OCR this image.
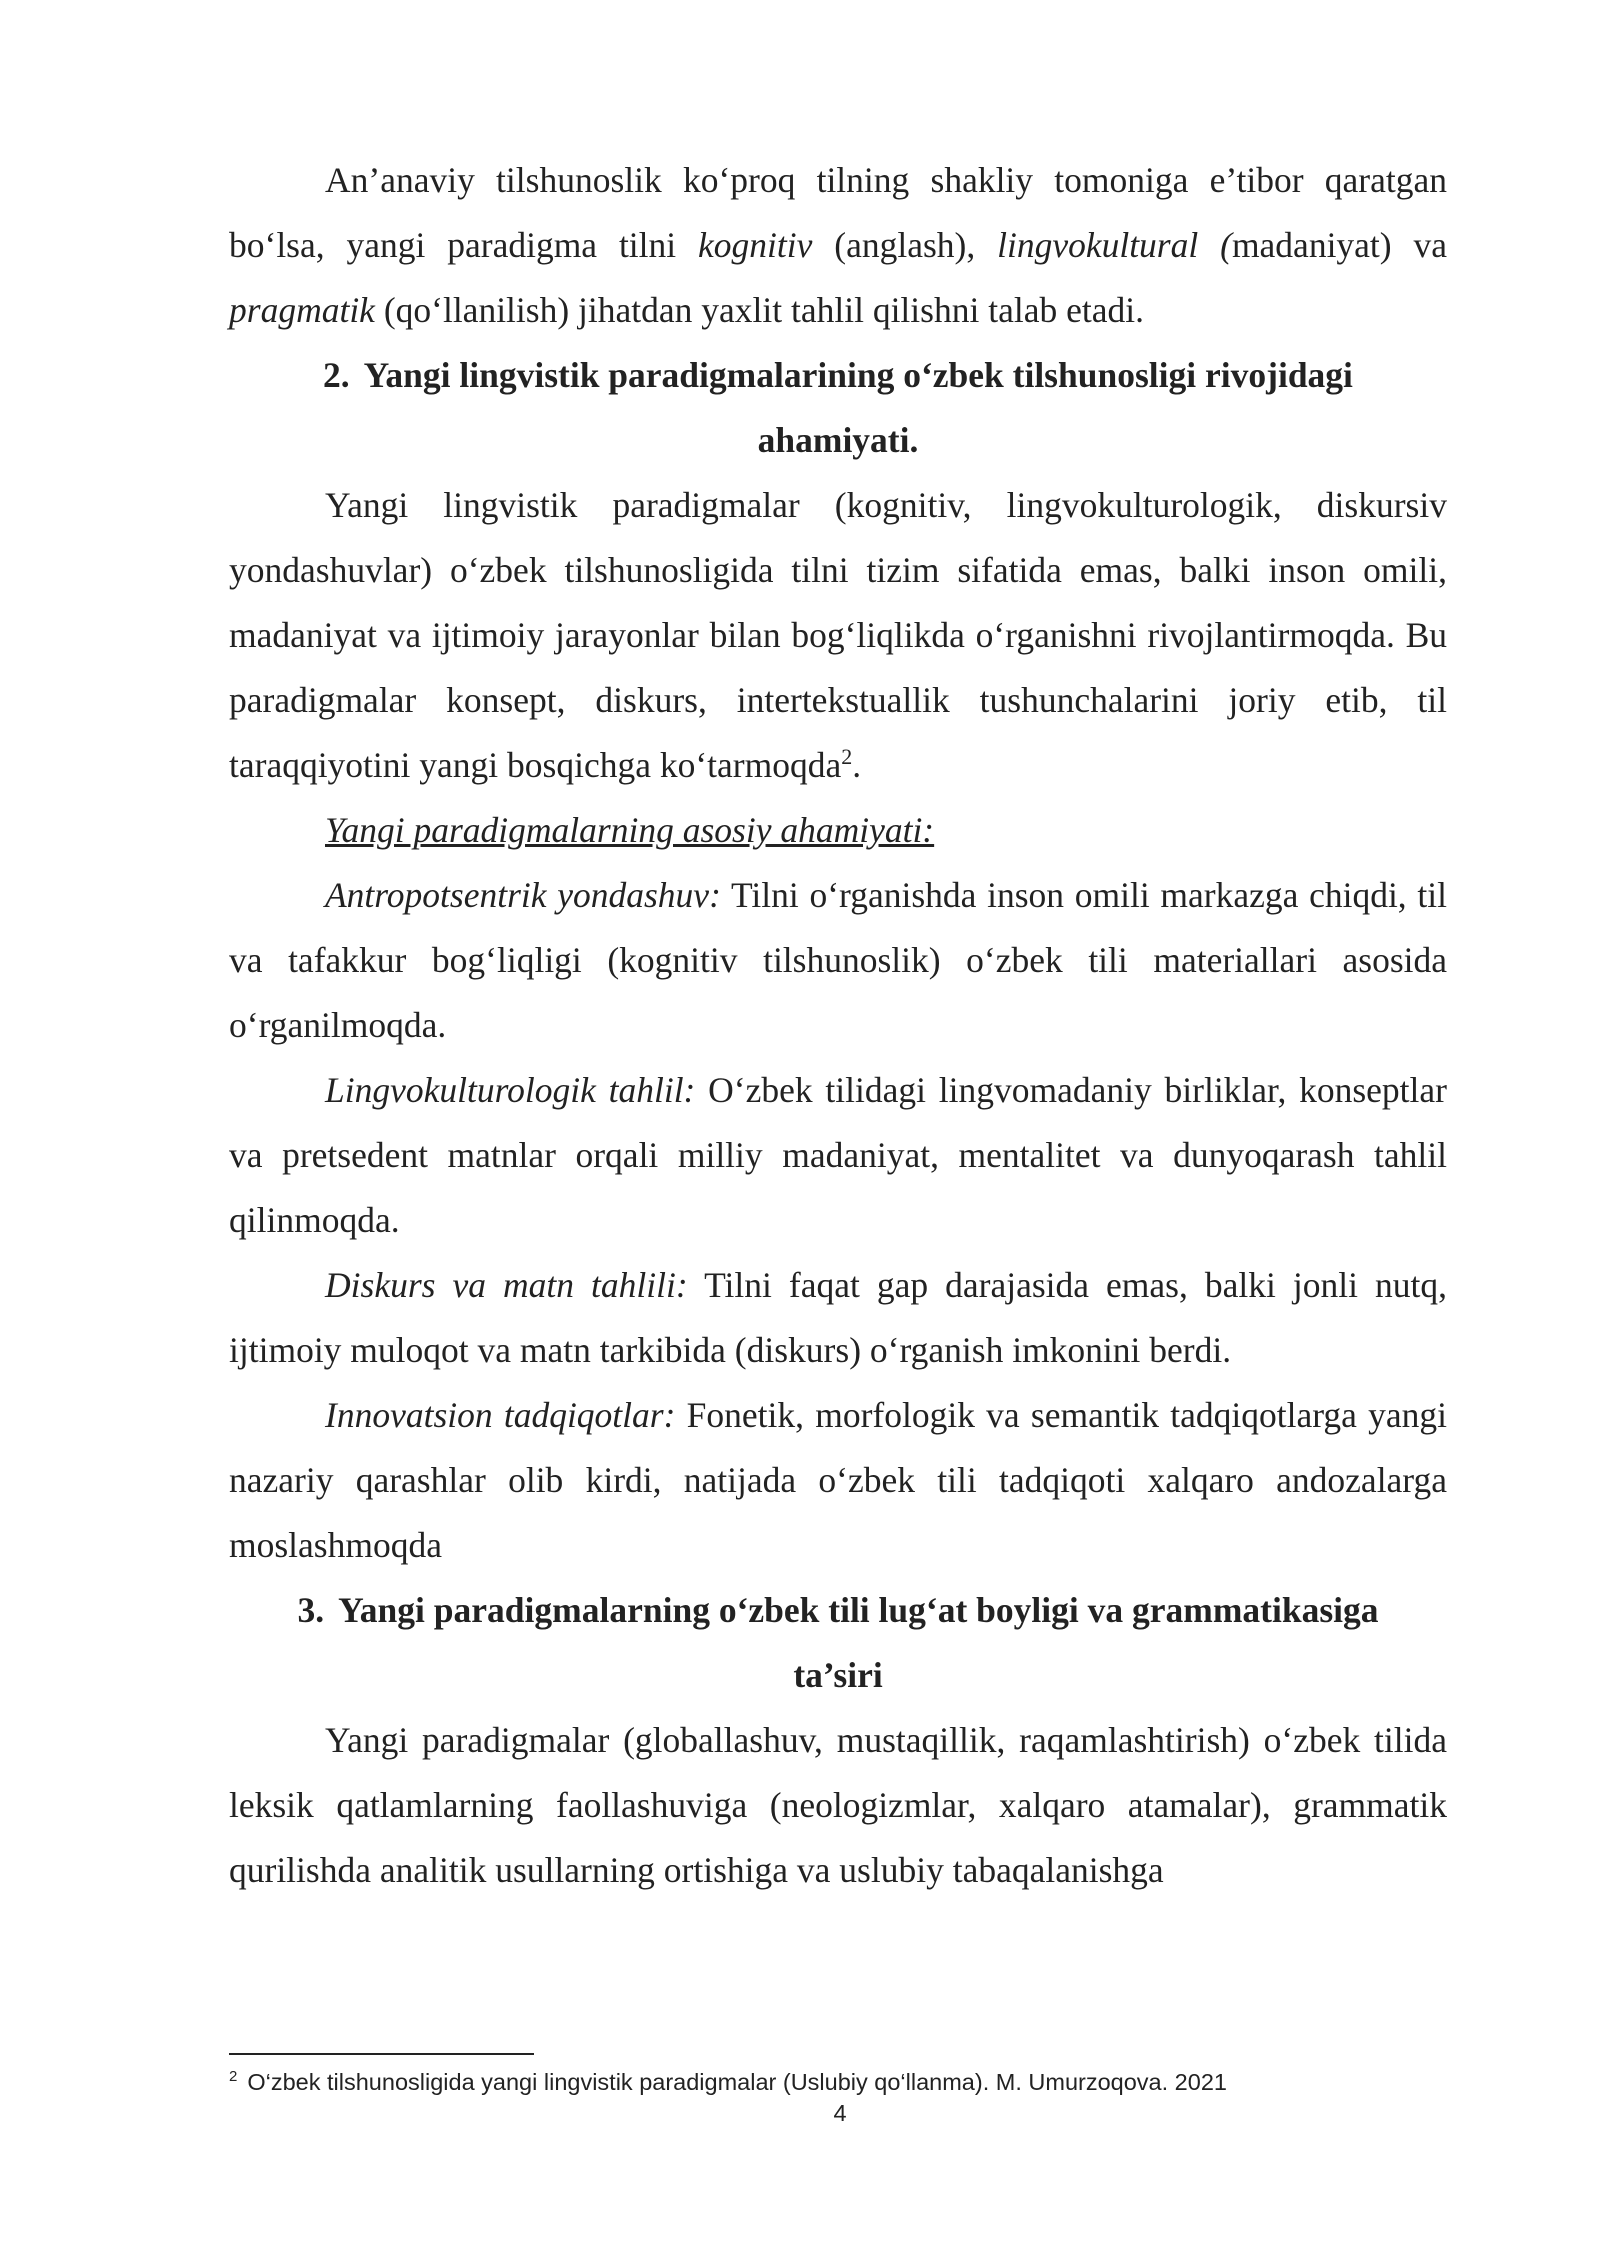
An’anaviy tilshunoslik ko‘proq tilning shakliy tomoniga e’tibor qaratgan bo‘lsa, yangi paradigma tilni kognitiv (anglash), lingvokultural (madaniyat) va pragmatik (qo‘llanilish) jihatdan yaxlit tahlil qilishni talab etadi.

2. Yangi lingvistik paradigmalarining o‘zbek tilshunosligi rivojidagi ahamiyati.

Yangi lingvistik paradigmalar (kognitiv, lingvokulturologik, diskursiv yondashuvlar) o‘zbek tilshunosligida tilni tizim sifatida emas, balki inson omili, madaniyat va ijtimoiy jarayonlar bilan bog‘liqlikda o‘rganishni rivojlantirmoqda. Bu paradigmalar konsept, diskurs, intertekstuallik tushunchalarini joriy etib, til taraqqiyotini yangi bosqichga ko‘tarmoqda$^2$.

Yangi paradigmalarning asosiy ahamiyati:

Antropotsentrik yondashuv: Tilni o‘rganishda inson omili markazga chiqdi, til va tafakkur bog‘liqligi (kognitiv tilshunoslik) o‘zbek tili materiallari asosida o‘rganilmoqda.

Lingvokulturologik tahlil: O‘zbek tilidagi lingvomadaniy birliklar, konseptlar va pretsedent matnlar orqali milliy madaniyat, mentalitet va dunyoqarash tahlil qilinmoqda.

Diskurs va matn tahlili: Tilni faqat gap darajasida emas, balki jonli nutq, ijtimoiy muloqot va matn tarkibida (diskurs) o‘rganish imkonini berdi.

Innovatsion tadqiqotlar: Fonetik, morfologik va semantik tadqiqotlarga yangi nazariy qarashlar olib kirdi, natijada o‘zbek tili tadqiqoti xalqaro andozalarga moslashmoqda

3. Yangi paradigmalarning o‘zbek tili lug‘at boyligi va grammatikasiga ta’siri

Yangi paradigmalar (globallashuv, mustaqillik, raqamlashtirish) o‘zbek tilida leksik qatlamlarning faollashuviga (neologizmlar, xalqaro atamalar), grammatik qurilishda analitik usullarning ortishiga va uslubiy tabaqalanishga

$^2$ O‘zbek tilshunosligida yangi lingvistik paradigmalar (Uslubiy qo‘llanma). M. Umurzoqova. 2021
4
